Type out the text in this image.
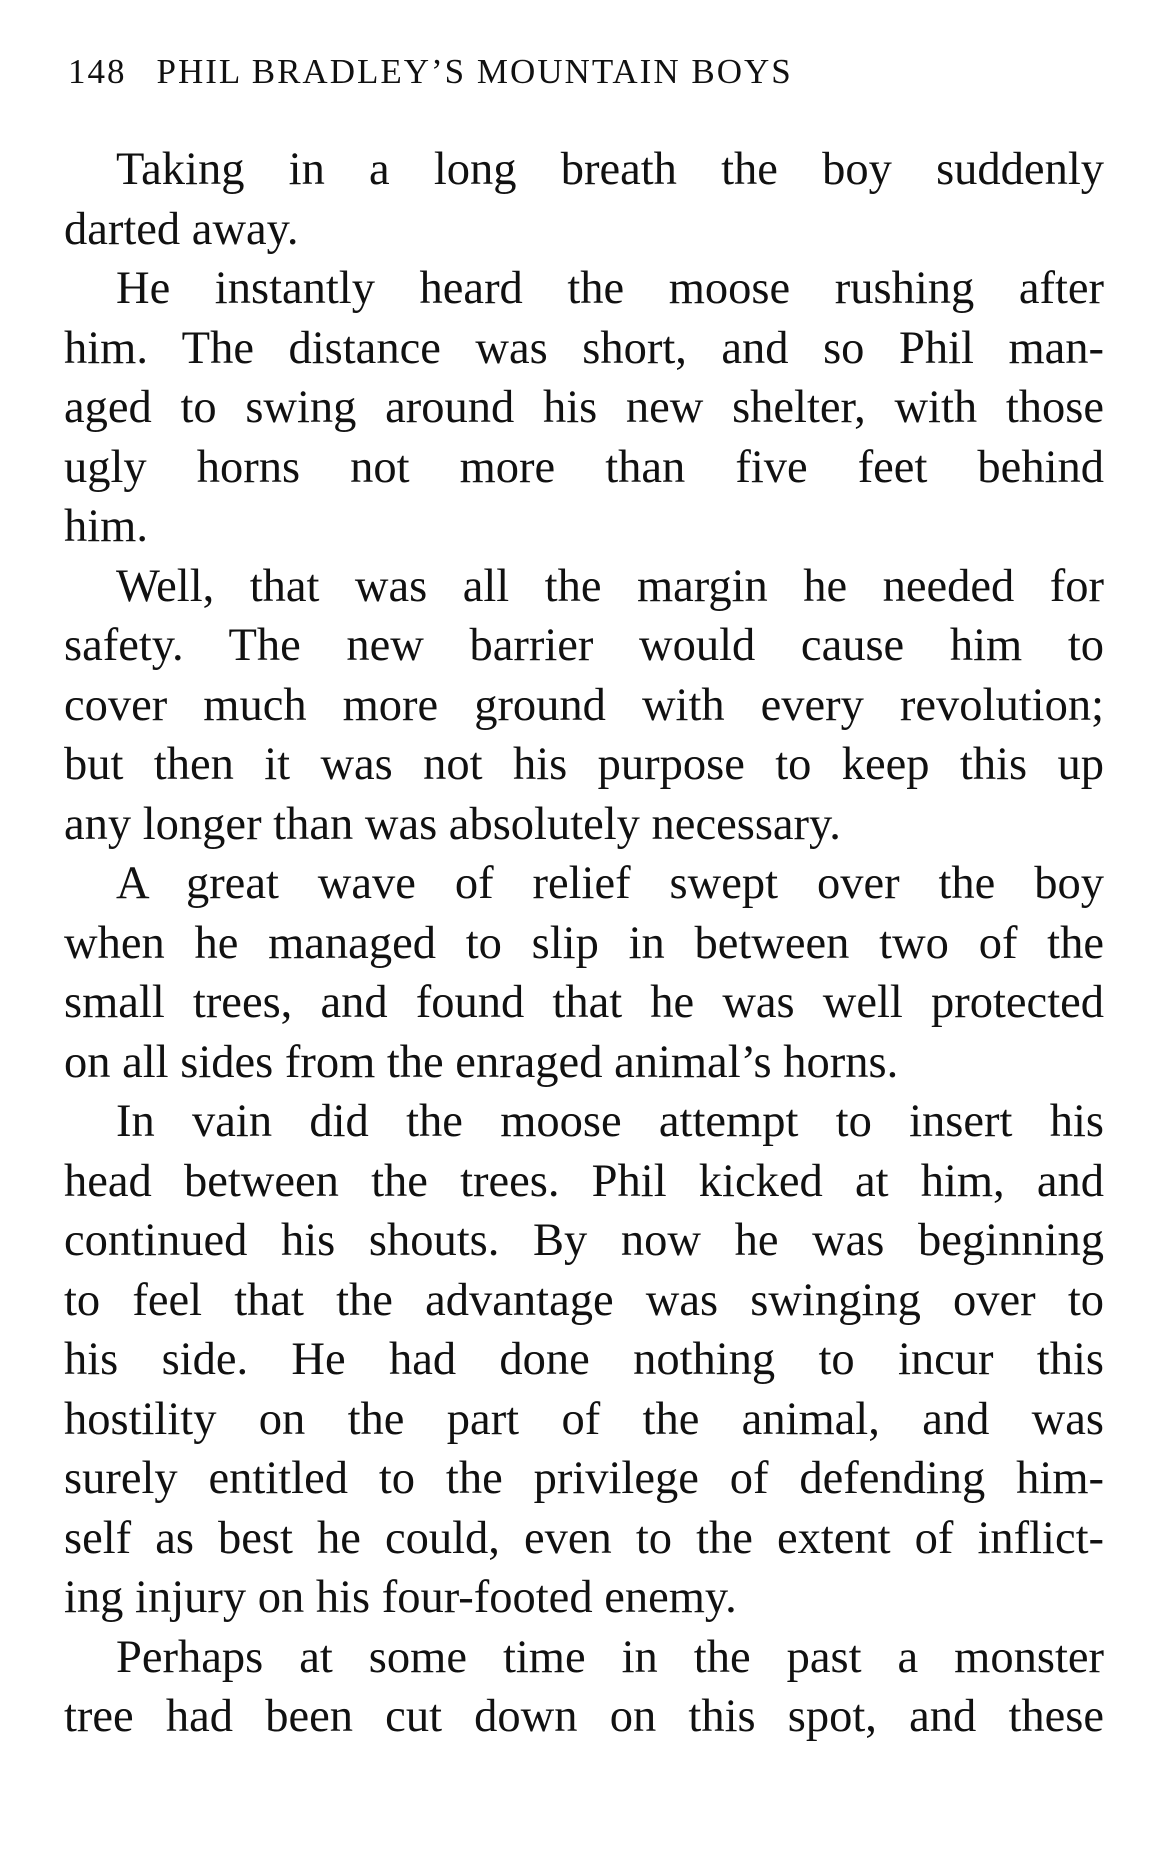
148 PHIL BRADLEY’S MOUNTAIN BOYS
Taking in a long breath the boy suddenly
darted away.
He instantly heard the moose rushing after
him. The distance was short, and so Phil man-
aged to swing around his new shelter, with those
ugly horns not more than five feet behind
him.
Well, that was all the margin he needed for
safety. The new barrier would cause him to
cover much more ground with every revolution;
but then it was not his purpose to keep this up
any longer than was absolutely necessary.
A great wave of relief swept over the boy
when he managed to slip in between two of the
small trees, and found that he was well protected
on all sides from the enraged animal’s horns.
In vain did the moose attempt to insert his
head between the trees. Phil kicked at him, and
continued his shouts. By now he was beginning
to feel that the advantage was swinging over to
his side. He had done nothing to incur this
hostility on the part of the animal, and was
surely entitled to the privilege of defending him-
self as best he could, even to the extent of inflict-
ing injury on his four-footed enemy.
Perhaps at some time in the past a monster
tree had been cut down on this spot, and these
